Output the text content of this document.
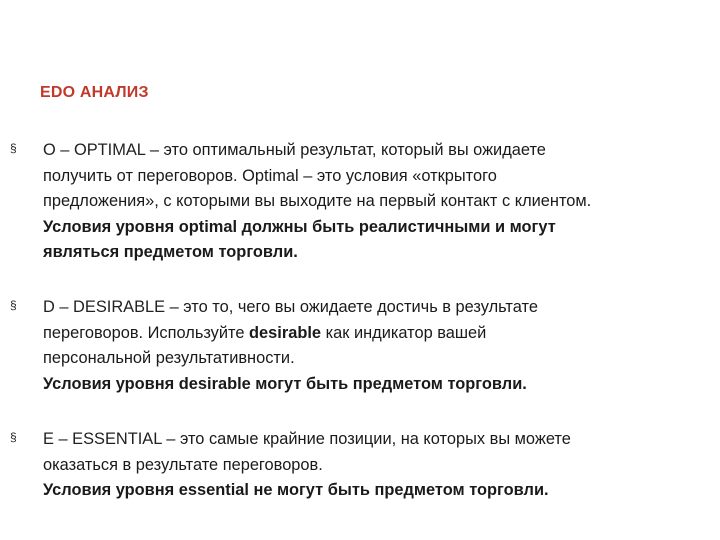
EDO АНАЛИЗ
§ O – OPTIMAL – это оптимальный результат, который вы ожидаете
получить от переговоров. Optimal – это условия «открытого
предложения», с которыми вы выходите на первый контакт с клиентом.
Условия уровня optimal должны быть реалистичными и могут
являться предметом торговли.
§ D – DESIRABLE – это то, чего вы ожидаете достичь в результате
переговоров. Используйте desirable как индикатор вашей
персональной результативности.
Условия уровня desirable могут быть предметом торговли.
§ E – ESSENTIAL – это самые крайние позиции, на которых вы можете
оказаться в результате переговоров.
Условия уровня essential не могут быть предметом торговли.
